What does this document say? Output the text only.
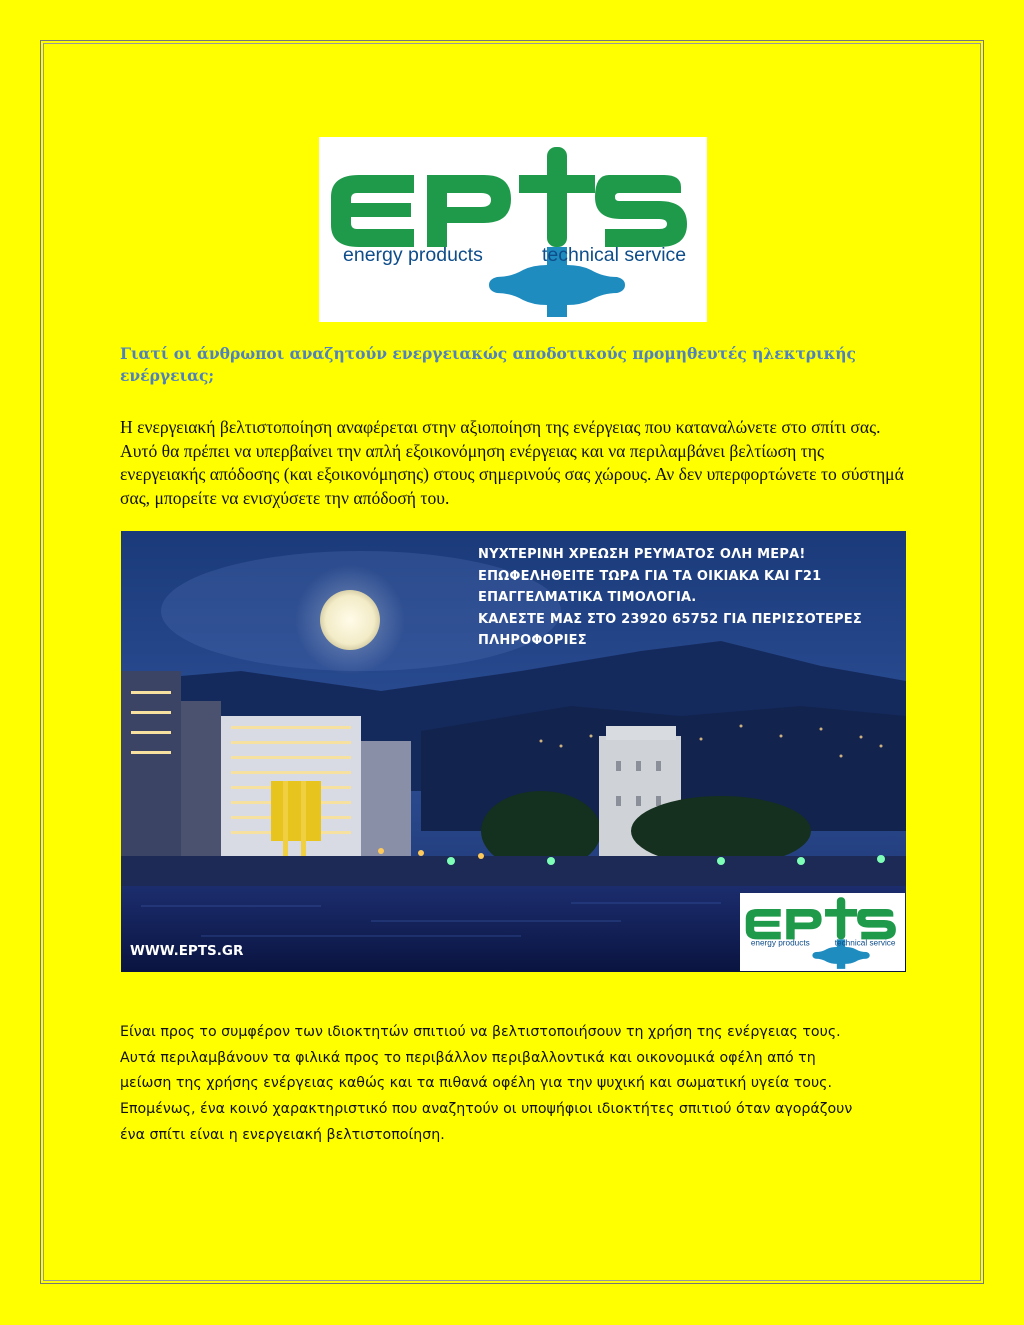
energy products	technical service
Γιατί οι άνθρωποι αναζητούν ενεργειακώς αποδοτικούς προμηθευτές ηλεκτρικής ενέργειας;
Η ενεργειακή βελτιστοποίηση αναφέρεται στην αξιοποίηση της ενέργειας που καταναλώνετε στο σπίτι σας. Αυτό θα πρέπει να υπερβαίνει την απλή εξοικονόμηση ενέργειας και να περιλαμβάνει βελτίωση της ενεργειακής απόδοσης (και εξοικονόμησης) στους σημερινούς σας χώρους. Αν δεν υπερφορτώνετε το σύστημά σας, μπορείτε να ενισχύσετε την απόδοσή του.
ΝΥΧΤΕΡΙΝΗ ΧΡΕΩΣΗ ΡΕΥΜΑΤΟΣ ΟΛΗ ΜΕΡΑ!
ΕΠΩΦΕΛΗΘΕΙΤΕ ΤΩΡΑ ΓΙΑ ΤΑ ΟΙΚΙΑΚΑ ΚΑΙ Γ21
ΕΠΑΓΓΕΛΜΑΤΙΚΑ ΤΙΜΟΛΟΓΙΑ.
ΚΑΛΕΣΤΕ ΜΑΣ ΣΤΟ 23920 65752 ΓΙΑ ΠΕΡΙΣΣΟΤΕΡΕΣ
ΠΛΗΡΟΦΟΡΙΕΣ
WWW.EPTS.GR
energy products technical service
Είναι προς το συμφέρον των ιδιοκτητών σπιτιού να βελτιστοποιήσουν τη χρήση της ενέργειας τους.
Αυτά περιλαμβάνουν τα φιλικά προς το περιβάλλον περιβαλλοντικά και οικονομικά οφέλη από τη
μείωση της χρήσης ενέργειας καθώς και τα πιθανά οφέλη για την ψυχική και σωματική υγεία τους.
Επομένως, ένα κοινό χαρακτηριστικό που αναζητούν οι υποψήφιοι ιδιοκτήτες σπιτιού όταν αγοράζουν
ένα σπίτι είναι η ενεργειακή βελτιστοποίηση.
